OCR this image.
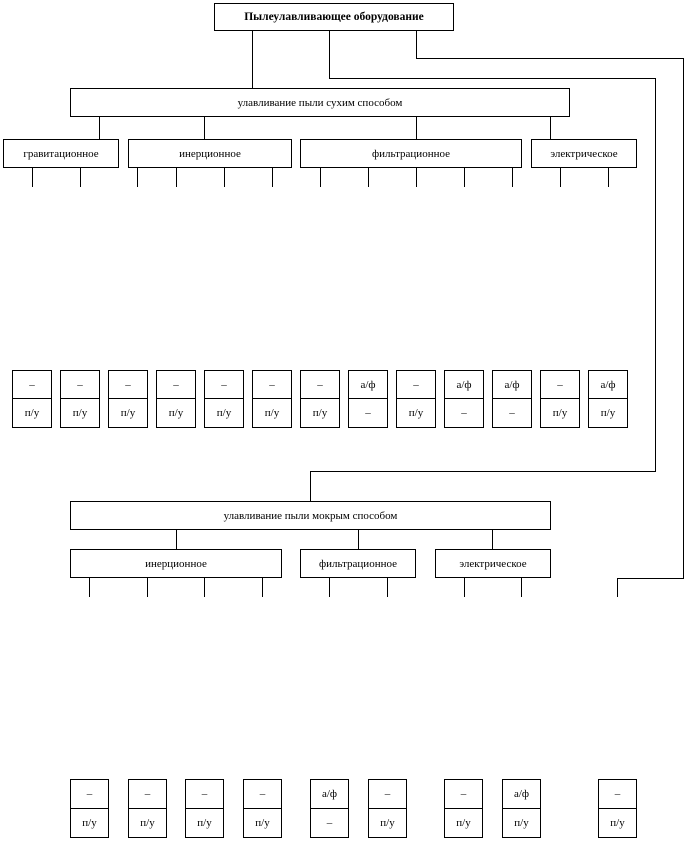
Пылеулавливающее оборудование
улавливание пыли сухим способом
гравитационное	инерционное	фильтрационное	электрическое
–
п/у
–
п/у
–
п/у
–
п/у
–
п/у
–
п/у
–
п/у
а/ф
–
–
п/у
а/ф
–
а/ф
–
–
п/у
а/ф
п/у
улавливание пыли мокрым способом
инерционное	фильтрационное	электрическое
–
п/у
–
п/у
–
п/у
–
п/у
а/ф
–
–
п/у
–
п/у
а/ф
п/у
–
п/у
